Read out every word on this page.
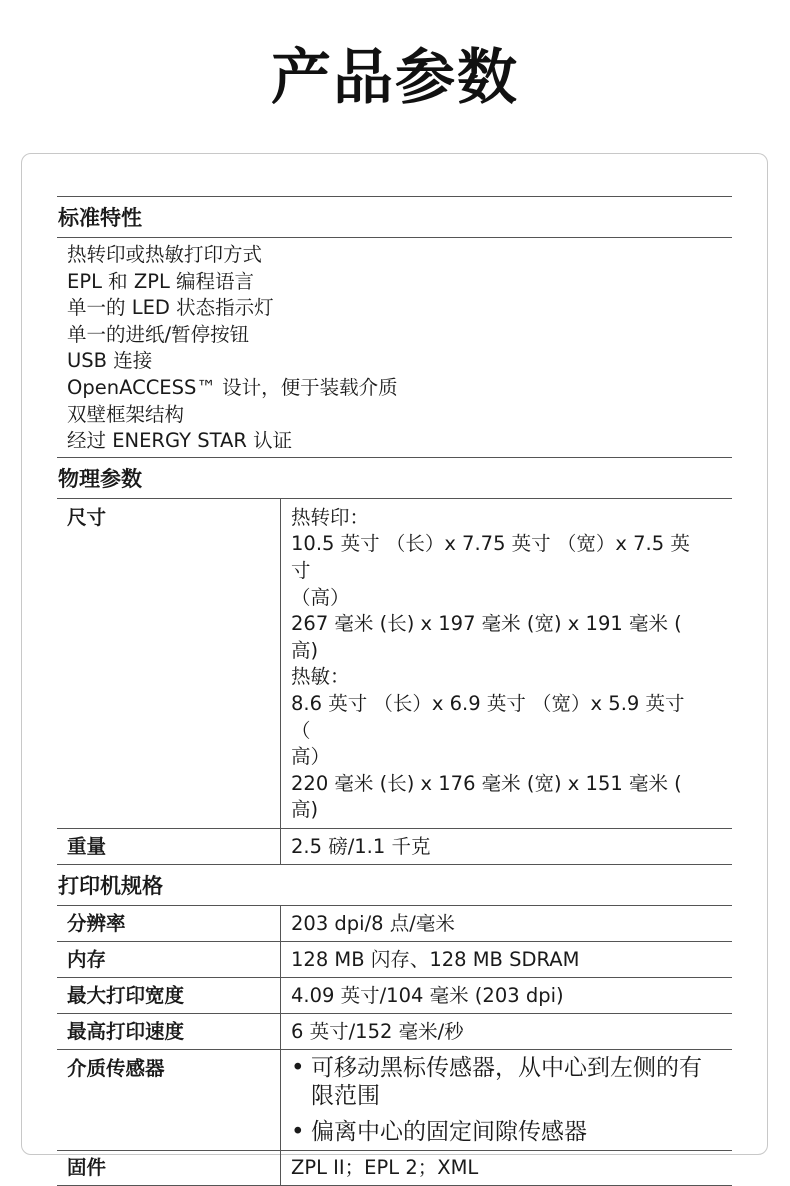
产品参数
标准特性
热转印或热敏打印方式
EPL 和 ZPL 编程语言
单一的 LED 状态指示灯
单一的进纸/暂停按钮
USB 连接
OpenACCESS™ 设计，便于装载介质
双壁框架结构
经过 ENERGY STAR 认证
物理参数
尺寸	热转印：
10.5 英寸 （长）x 7.75 英寸 （宽）x 7.5 英寸
（高）
267 毫米 (长) x 197 毫米 (宽) x 191 毫米 (
高)
热敏：
8.6 英寸 （长）x 6.9 英寸 （宽）x 5.9 英寸 （
高）
220 毫米 (长) x 176 毫米 (宽) x 151 毫米 (
高)
重量	2.5 磅/1.1 千克
打印机规格
分辨率	203 dpi/8 点/毫米
内存	128 MB 闪存、128 MB SDRAM
最大打印宽度	4.09 英寸/104 毫米 (203 dpi)
最高打印速度	6 英寸/152 毫米/秒
介质传感器	• 可移动黑标传感器，从中心到左侧的有限范围
• 偏离中心的固定间隙传感器
固件	ZPL II；EPL 2；XML
